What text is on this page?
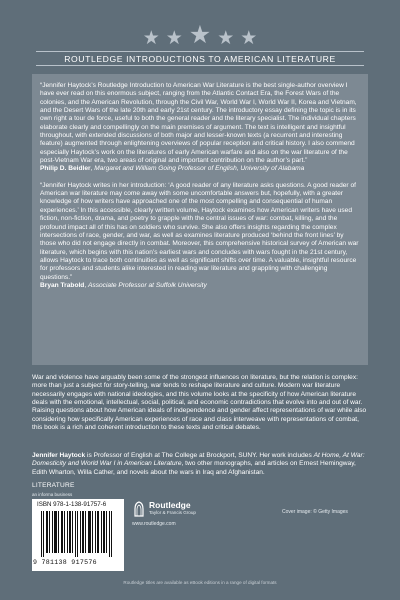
★ ★ ★ ★ ★
ROUTLEDGE INTRODUCTIONS TO AMERICAN LITERATURE

“Jennifer Haytock’s Routledge Introduction to American War Literature is the best single-author overview I have ever read on this enormous subject, ranging from the Atlantic Contact Era, the Forest Wars of the colonies, and the American Revolution, through the Civil War, World War I, World War II, Korea and Vietnam, and the Desert Wars of the late 20th and early 21st century. The introductory essay defining the topic is in its own right a tour de force, useful to both the general reader and the literary specialist. The individual chapters elaborate clearly and compellingly on the main premises of argument. The text is intelligent and insightful throughout, with extended discussions of both major and lesser-known texts (a recurrent and interesting feature) augmented through enlightening overviews of popular reception and critical history. I also commend especially Haytock’s work on the literatures of early American warfare and also on the war literature of the post-Vietnam War era, two areas of original and important contribution on the author’s part.”

Philip D. Beidler, Margaret and William Going Professor of English, University of Alabama

“Jennifer Haytock writes in her introduction: ‘A good reader of any literature asks questions. A good reader of American war literature may come away with some uncomfortable answers but, hopefully, with a greater knowledge of how writers have approached one of the most compelling and consequential of human experiences.’ In this accessible, clearly written volume, Haytock examines how American writers have used fiction, non-fiction, drama, and poetry to grapple with the central issues of war: combat, killing, and the profound impact all of this has on soldiers who survive. She also offers insights regarding the complex intersections of race, gender, and war, as well as examines literature produced ‘behind the front lines’ by those who did not engage directly in combat. Moreover, this comprehensive historical survey of American war literature, which begins with this nation’s earliest wars and concludes with wars fought in the 21st century, allows Haytock to trace both continuities as well as significant shifts over time. A valuable, insightful resource for professors and students alike interested in reading war literature and grappling with challenging questions.”

Bryan Trabold, Associate Professor at Suffolk University

War and violence have arguably been some of the strongest influences on literature, but the relation is complex: more than just a subject for story-telling, war tends to reshape literature and culture. Modern war literature necessarily engages with national ideologies, and this volume looks at the specificity of how American literature deals with the emotional, intellectual, social, political, and economic contradictions that evolve into and out of war. Raising questions about how American ideals of independence and gender affect representations of war while also considering how specifically American experiences of race and class interweave with representations of combat, this book is a rich and coherent introduction to these texts and critical debates.

Jennifer Haytock is Professor of English at The College at Brockport, SUNY. Her work includes At Home, At War: Domesticity and World War I in American Literature, two other monographs, and articles on Ernest Hemingway, Edith Wharton, Willa Cather, and novels about the wars in Iraq and Afghanistan.

LITERATURE
an informa business
ISBN 978-1-138-91757-6
9 781138 917576
Routledge
Taylor & Francis Group
www.routledge.com
Cover image: © Getty Images
Routledge titles are available as eBook editions in a range of digital formats
